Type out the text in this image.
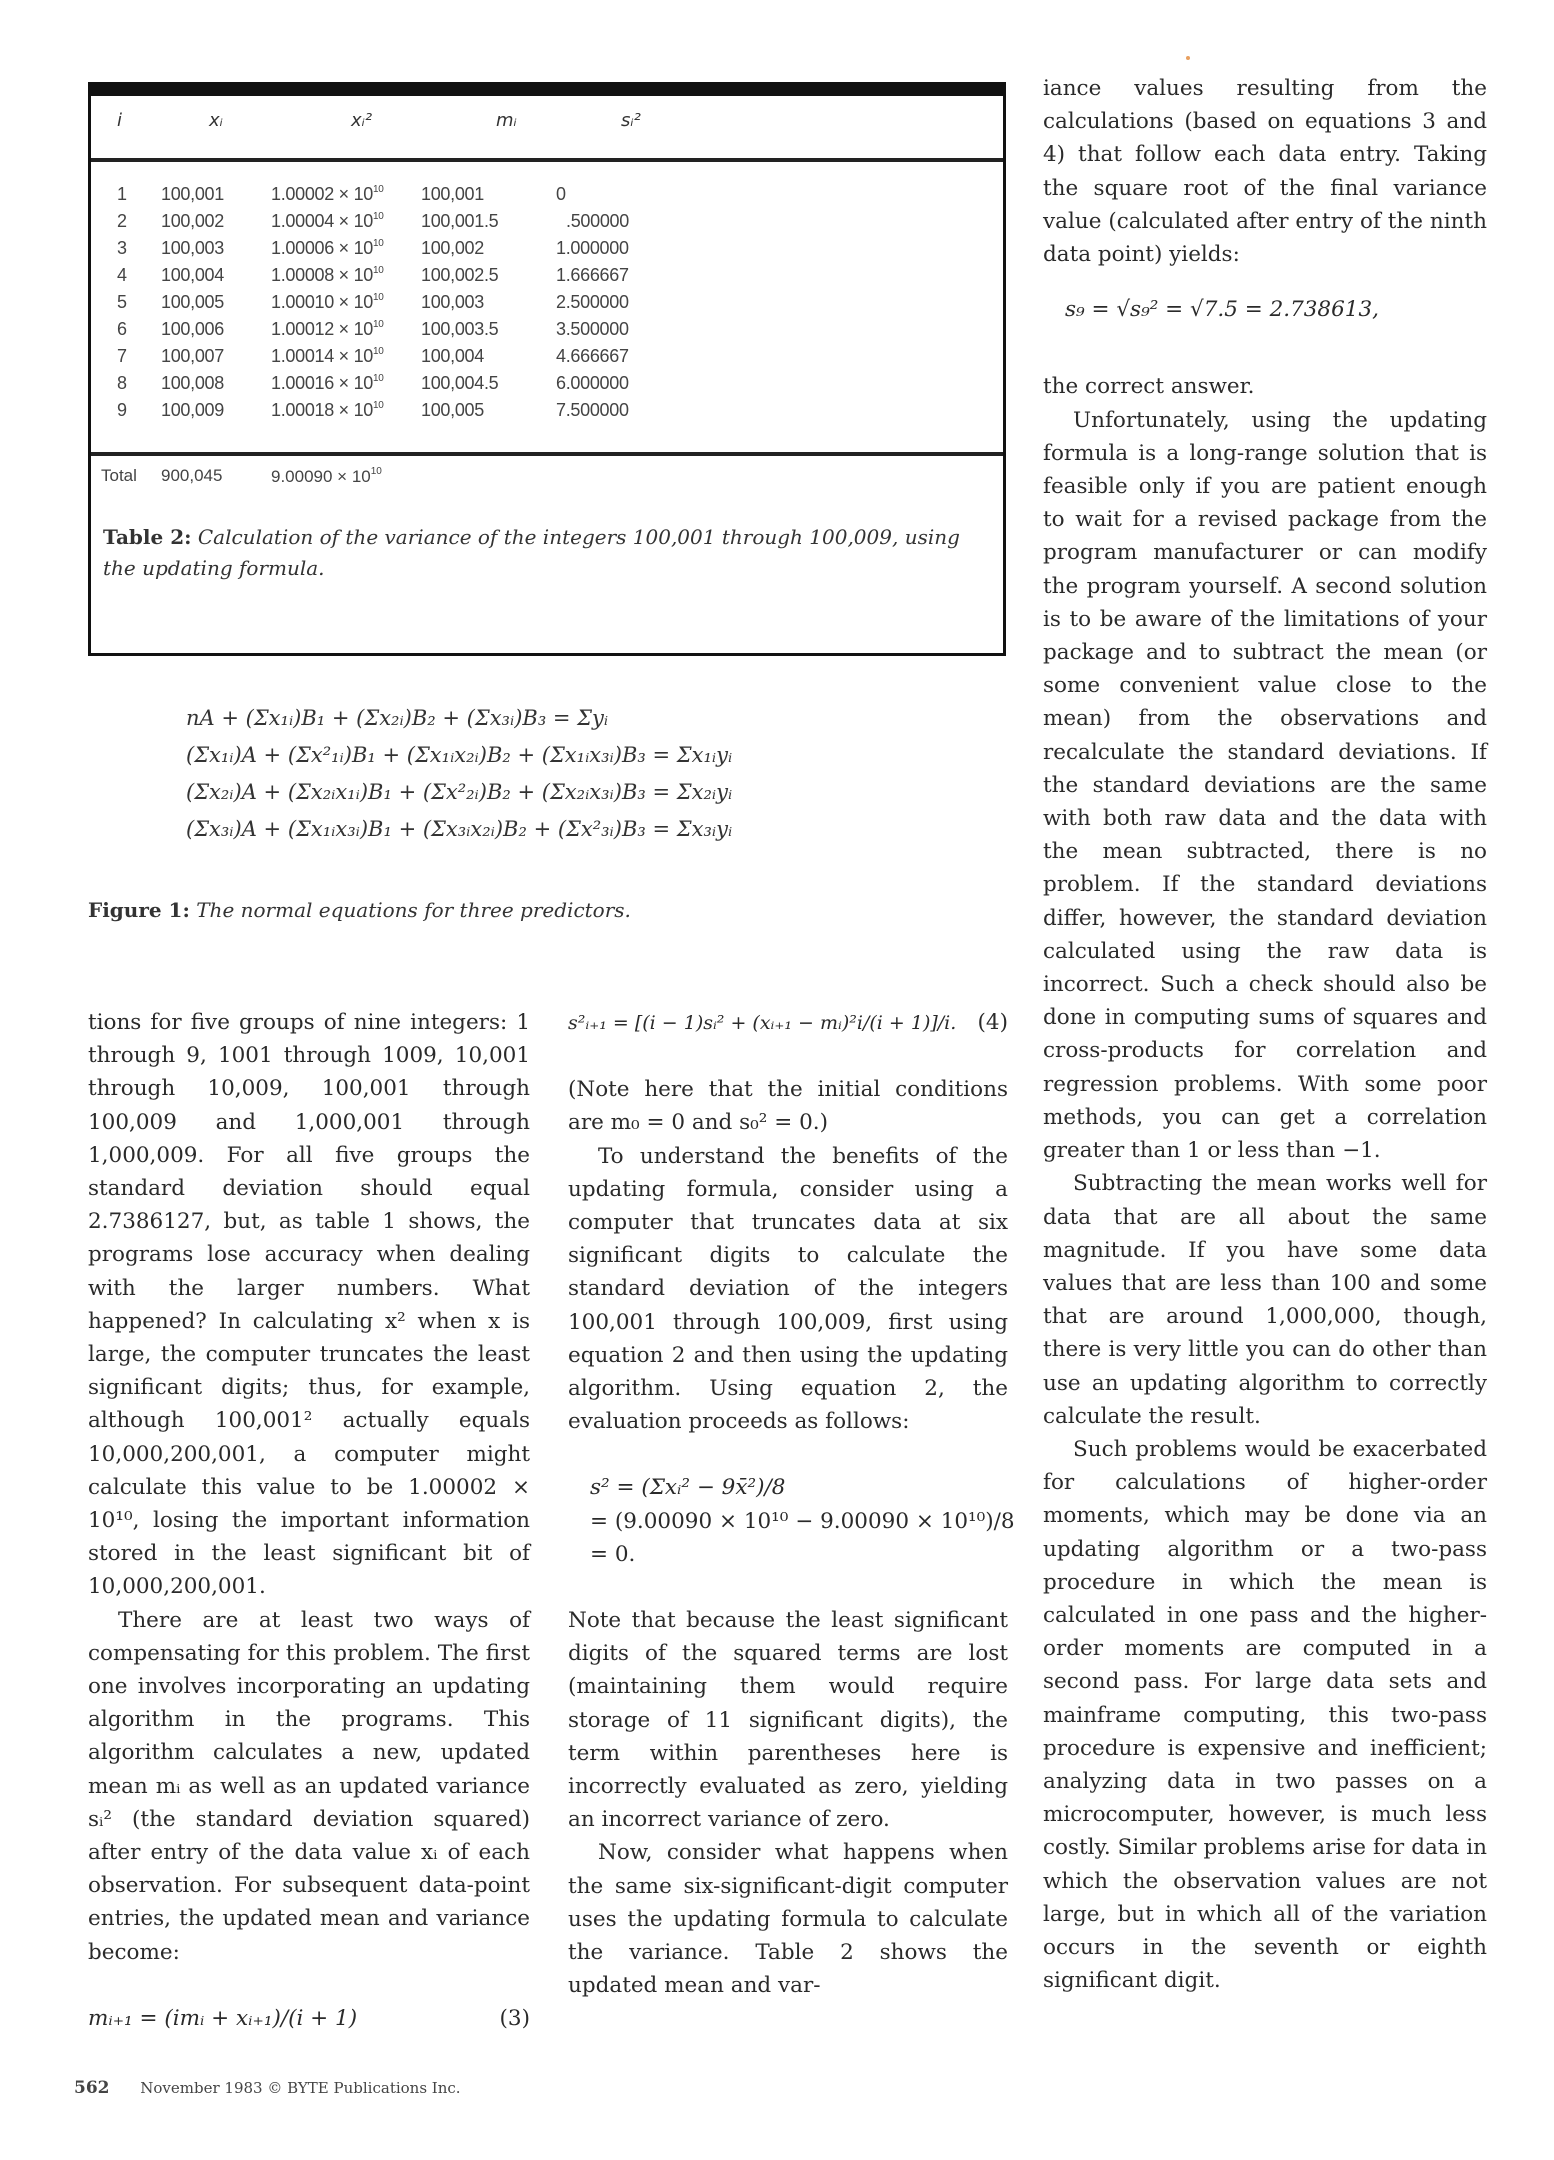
i	xᵢ	xᵢ²	mᵢ	sᵢ²
1 100,001	$1.00002 \times 10^{10}$ 100,001	0
2 100,002	$1.00004 \times 10^{10}$ 100,001.5	.500000
3 100,003	$1.00006 \times 10^{10}$ 100,002	1.000000
4 100,004	$1.00008 \times 10^{10}$ 100,002.5	1.666667
5 100,005	$1.00010 \times 10^{10}$ 100,003	2.500000
6 100,006	$1.00012 \times 10^{10}$ 100,003.5	3.500000
7 100,007	$1.00014 \times 10^{10}$ 100,004	4.666667
8 100,008	$1.00016 \times 10^{10}$ 100,004.5	6.000000
9 100,009	$1.00018 \times 10^{10}$ 100,005	7.500000
Total 900,045	$9.00090 \times 10^{10}$
Table 2: Calculation of the variance of the integers 100,001 through 100,009, using the updating formula.
nA + (Σx₁ᵢ)B₁ + (Σx₂ᵢ)B₂ + (Σx₃ᵢ)B₃ = Σyᵢ
(Σx₁ᵢ)A + (Σx²₁ᵢ)B₁ + (Σx₁ᵢx₂ᵢ)B₂ + (Σx₁ᵢx₃ᵢ)B₃ = Σx₁ᵢyᵢ
(Σx₂ᵢ)A + (Σx₂ᵢx₁ᵢ)B₁ + (Σx²₂ᵢ)B₂ + (Σx₂ᵢx₃ᵢ)B₃ = Σx₂ᵢyᵢ
(Σx₃ᵢ)A + (Σx₁ᵢx₃ᵢ)B₁ + (Σx₃ᵢx₂ᵢ)B₂ + (Σx²₃ᵢ)B₃ = Σx₃ᵢyᵢ
Figure 1: The normal equations for three predictors.

tions for five groups of nine integers: 1 through 9, 1001 through 1009, 10,001 through 10,009, 100,001 through 100,009 and 1,000,001 through 1,000,009. For all five groups the standard deviation should equal 2.7386127, but, as table 1 shows, the programs lose accuracy when dealing with the larger numbers. What happened? In calculating x² when x is large, the computer truncates the least significant digits; thus, for example, although 100,001² actually equals 10,000,200,001, a computer might calculate this value to be 1.00002 × 10¹⁰, losing the important information stored in the least significant bit of 10,000,200,001.

There are at least two ways of compensating for this problem. The first one involves incorporating an updating algorithm in the programs. This algorithm calculates a new, updated mean mᵢ as well as an updated variance sᵢ² (the standard deviation squared) after entry of the data value xᵢ of each observation. For subsequent data-point entries, the updated mean and variance become:

mᵢ₊₁ = (imᵢ + xᵢ₊₁)/(i + 1)	(3)
s²ᵢ₊₁ = [(i − 1)sᵢ² + (xᵢ₊₁ − mᵢ)²i/(i + 1)]/i. (4)

(Note here that the initial conditions are m₀ = 0 and s₀² = 0.)

To understand the benefits of the updating formula, consider using a computer that truncates data at six significant digits to calculate the standard deviation of the integers 100,001 through 100,009, first using equation 2 and then using the updating algorithm. Using equation 2, the evaluation proceeds as follows:

s² = (Σxᵢ² − 9x̄²)/8
= (9.00090 × 10¹⁰ − 9.00090 × 10¹⁰)/8
= 0.

Note that because the least significant digits of the squared terms are lost (maintaining them would require storage of 11 significant digits), the term within parentheses here is incorrectly evaluated as zero, yielding an incorrect variance of zero.

Now, consider what happens when the same six-significant-digit computer uses the updating formula to calculate the variance. Table 2 shows the updated mean and var-

iance values resulting from the calculations (based on equations 3 and 4) that follow each data entry. Taking the square root of the final variance value (calculated after entry of the ninth data point) yields:

s₉ = √s₉² = √7.5 = 2.738613,

the correct answer.

Unfortunately, using the updating formula is a long-range solution that is feasible only if you are patient enough to wait for a revised package from the program manufacturer or can modify the program yourself. A second solution is to be aware of the limitations of your package and to subtract the mean (or some convenient value close to the mean) from the observations and recalculate the standard deviations. If the standard deviations are the same with both raw data and the data with the mean subtracted, there is no problem. If the standard deviations differ, however, the standard deviation calculated using the raw data is incorrect. Such a check should also be done in computing sums of squares and cross-products for correlation and regression problems. With some poor methods, you can get a correlation greater than 1 or less than −1.

Subtracting the mean works well for data that are all about the same magnitude. If you have some data values that are less than 100 and some that are around 1,000,000, though, there is very little you can do other than use an updating algorithm to correctly calculate the result.

Such problems would be exacerbated for calculations of higher-order moments, which may be done via an updating algorithm or a two-pass procedure in which the mean is calculated in one pass and the higher-order moments are computed in a second pass. For large data sets and mainframe computing, this two-pass procedure is expensive and inefficient; analyzing data in two passes on a microcomputer, however, is much less costly. Similar problems arise for data in which the observation values are not large, but in which all of the variation occurs in the seventh or eighth significant digit.

562 November 1983 © BYTE Publications Inc.
